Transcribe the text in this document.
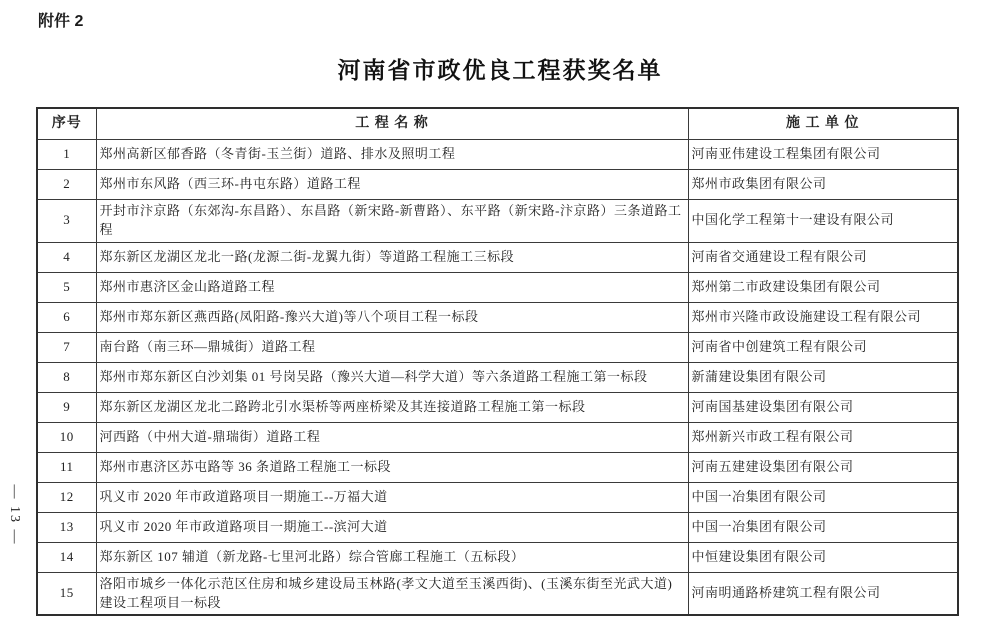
附件 2
河南省市政优良工程获奖名单
— 13 —
序号	工 程 名 称	施 工 单 位
1	郑州高新区郁香路（冬青街-玉兰街）道路、排水及照明工程	河南亚伟建设工程集团有限公司
2	郑州市东风路（西三环-冉屯东路）道路工程	郑州市政集团有限公司
3	开封市汴京路（东郊沟-东昌路）、东昌路（新宋路-新曹路）、东平路（新宋路-汴京路）三条道路工程	中国化学工程第十一建设有限公司
4	郑东新区龙湖区龙北一路(龙源二街-龙翼九街）等道路工程施工三标段	河南省交通建设工程有限公司
5	郑州市惠济区金山路道路工程	郑州第二市政建设集团有限公司
6	郑州市郑东新区燕西路(凤阳路-豫兴大道)等八个项目工程一标段	郑州市兴隆市政设施建设工程有限公司
7	南台路（南三环—鼎城街）道路工程	河南省中创建筑工程有限公司
8	郑州市郑东新区白沙刘集 01 号岗吴路（豫兴大道—科学大道）等六条道路工程施工第一标段	新蒲建设集团有限公司
9	郑东新区龙湖区龙北二路跨北引水渠桥等两座桥梁及其连接道路工程施工第一标段	河南国基建设集团有限公司
10	河西路（中州大道-鼎瑞街）道路工程	郑州新兴市政工程有限公司
11	郑州市惠济区苏屯路等 36 条道路工程施工一标段	河南五建建设集团有限公司
12	巩义市 2020 年市政道路项目一期施工--万福大道	中国一冶集团有限公司
13	巩义市 2020 年市政道路项目一期施工--滨河大道	中国一冶集团有限公司
14	郑东新区 107 辅道（新龙路-七里河北路）综合管廊工程施工（五标段）	中恒建设集团有限公司
15	洛阳市城乡一体化示范区住房和城乡建设局玉林路(孝文大道至玉溪西街)、(玉溪东街至光武大道)建设工程项目一标段	河南明通路桥建筑工程有限公司
